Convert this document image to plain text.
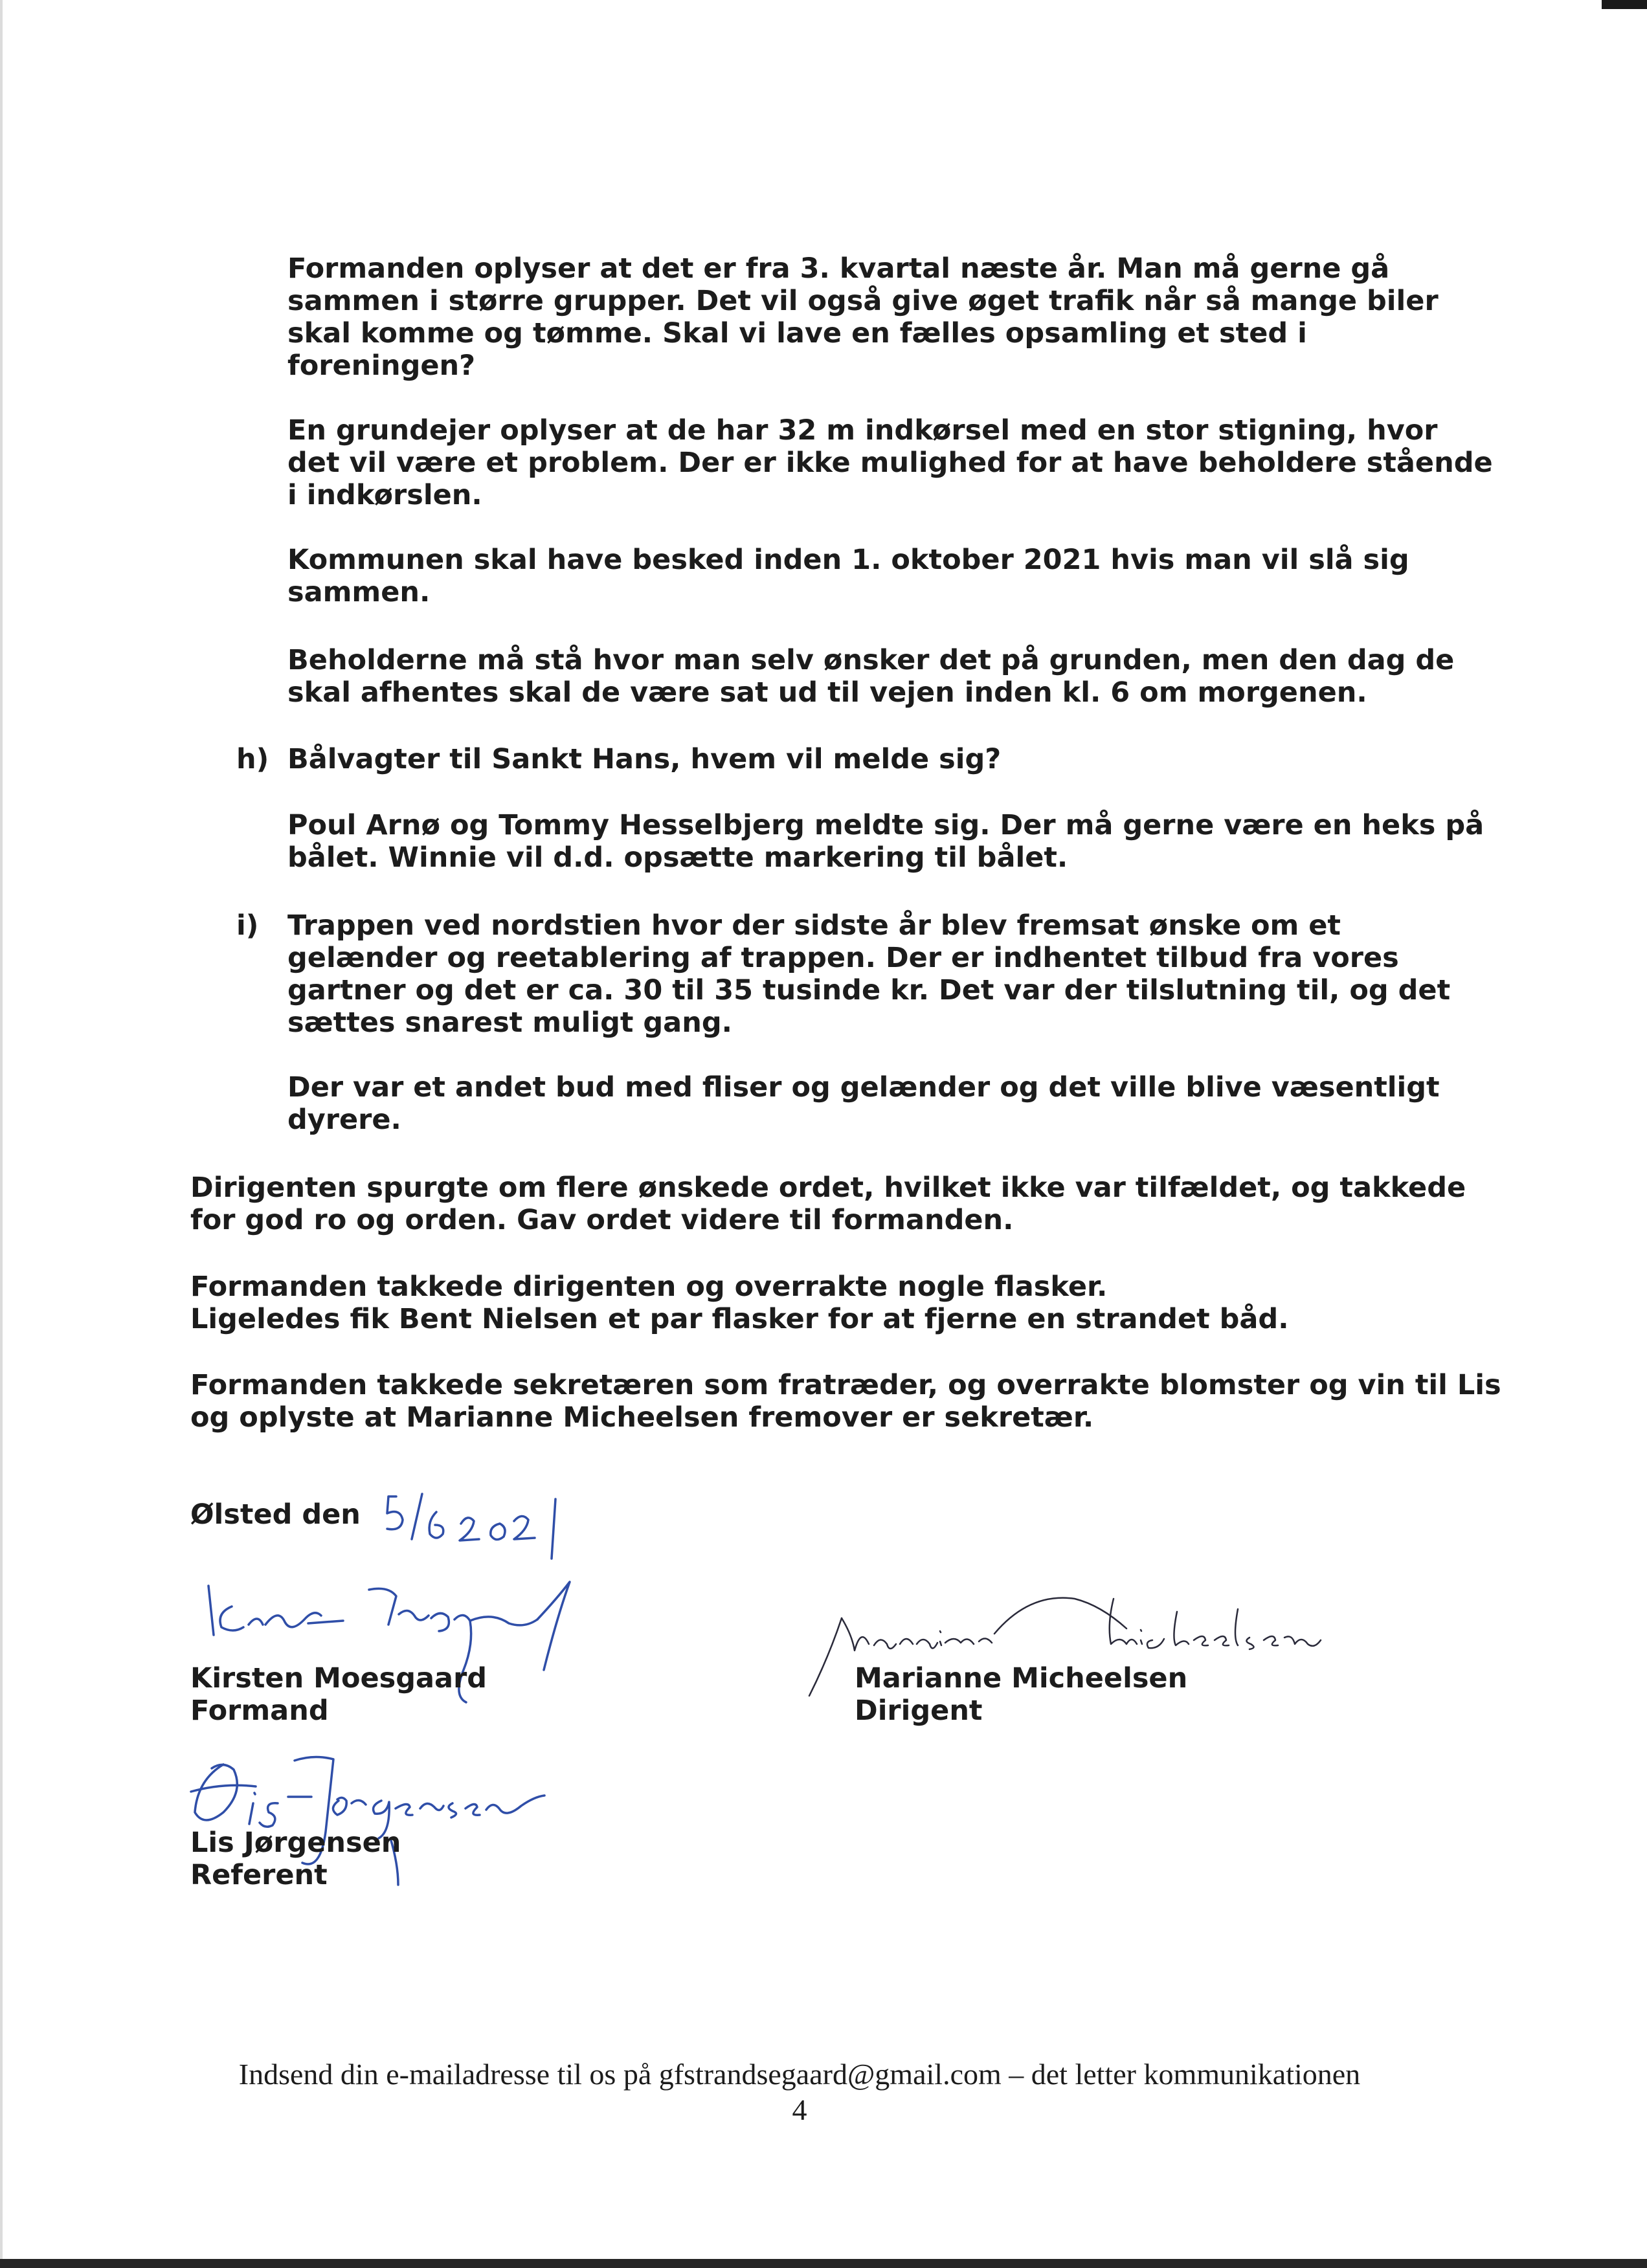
Formanden oplyser at det er fra 3. kvartal næste år. Man må gerne gå
sammen i større grupper. Det vil også give øget trafik når så mange biler
skal komme og tømme. Skal vi lave en fælles opsamling et sted i
foreningen?

En grundejer oplyser at de har 32 m indkørsel med en stor stigning, hvor
det vil være et problem. Der er ikke mulighed for at have beholdere stående
i indkørslen.

Kommunen skal have besked inden 1. oktober 2021 hvis man vil slå sig
sammen.

Beholderne må stå hvor man selv ønsker det på grunden, men den dag de
skal afhentes skal de være sat ud til vejen inden kl. 6 om morgenen.

h) Bålvagter til Sankt Hans, hvem vil melde sig?

Poul Arnø og Tommy Hesselbjerg meldte sig. Der må gerne være en heks på
bålet. Winnie vil d.d. opsætte markering til bålet.

i) Trappen ved nordstien hvor der sidste år blev fremsat ønske om et
gelænder og reetablering af trappen. Der er indhentet tilbud fra vores
gartner og det er ca. 30 til 35 tusinde kr. Det var der tilslutning til, og det
sættes snarest muligt gang.

Der var et andet bud med fliser og gelænder og det ville blive væsentligt
dyrere.

Dirigenten spurgte om flere ønskede ordet, hvilket ikke var tilfældet, og takkede
for god ro og orden. Gav ordet videre til formanden.

Formanden takkede dirigenten og overrakte nogle flasker.
Ligeledes fik Bent Nielsen et par flasker for at fjerne en strandet båd.

Formanden takkede sekretæren som fratræder, og overrakte blomster og vin til Lis
og oplyste at Marianne Micheelsen fremover er sekretær.

Ølsted den
Kirsten Moesgaard
Formand
Marianne Micheelsen
Dirigent
Lis Jørgensen
Referent
Indsend din e-mailadresse til os på gfstrandsegaard@gmail.com – det letter kommunikationen
4
